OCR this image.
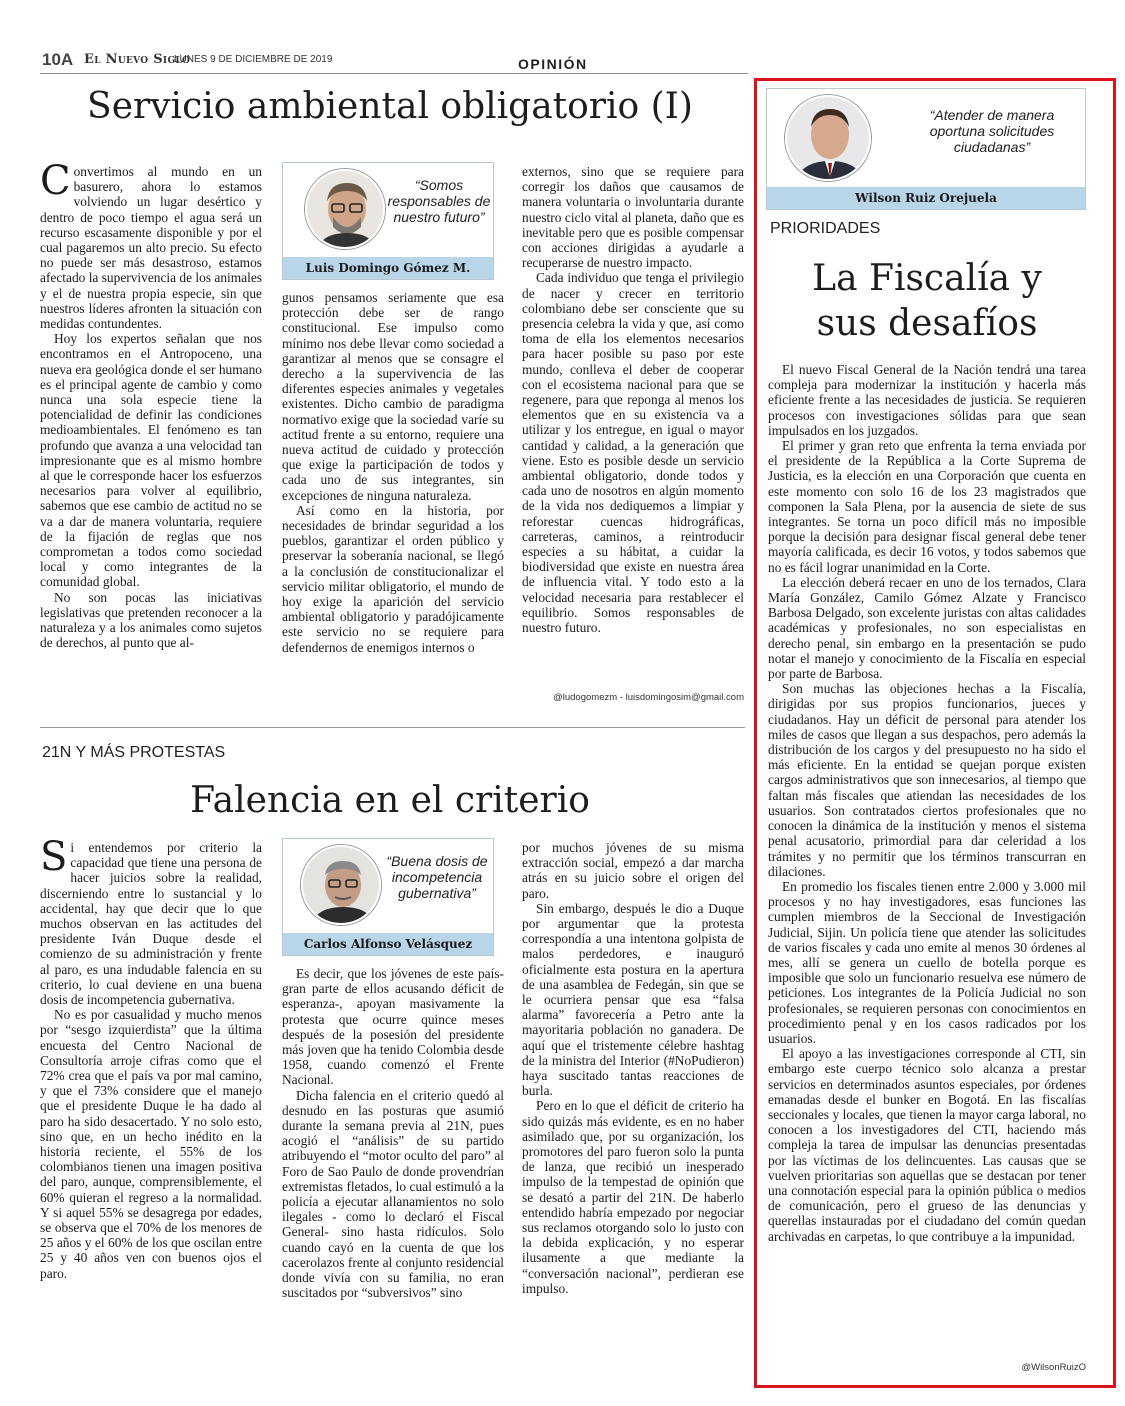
10A El Nuevo Siglo
LUNES 9 DE DICIEMBRE DE 2019	OPINIÓN
Servicio ambiental obligatorio (I)

Convertimos al mundo en un basurero, ahora lo estamos volviendo un lugar desértico y dentro de poco tiempo el agua será un recurso escasamente disponible y por el cual pagaremos un alto precio. Su efecto no puede ser más desastroso, estamos afectado la supervivencia de los animales y el de nuestra propia especie, sin que nuestros líderes afronten la situación con medidas contundentes.

Hoy los expertos señalan que nos encontramos en el Antropoceno, una nueva era geológica donde el ser humano es el principal agente de cambio y como nunca una sola especie tiene la potencialidad de definir las condiciones medioambientales. El fenómeno es tan profundo que avanza a una velocidad tan impresionante que es al mismo hombre al que le corresponde hacer los esfuerzos necesarios para volver al equilibrio, sabemos que ese cambio de actitud no se va a dar de manera voluntaria, requiere de la fijación de reglas que nos comprometan a todos como sociedad local y como integrantes de la comunidad global.

No son pocas las iniciativas legislativas que pretenden reconocer a la naturaleza y a los animales como sujetos de derechos, al punto que al-

“Somos responsables de nuestro futuro”
Luis Domingo Gómez M.

gunos pensamos seriamente que esa protección debe ser de rango constitucional. Ese impulso como mínimo nos debe llevar como sociedad a garantizar al menos que se consagre el derecho a la supervivencia de las diferentes especies animales y vegetales existentes. Dicho cambio de paradigma normativo exige que la sociedad varíe su actitud frente a su entorno, requiere una nueva actitud de cuidado y protección que exige la participación de todos y cada uno de sus integrantes, sin excepciones de ninguna naturaleza.

Así como en la historia, por necesidades de brindar seguridad a los pueblos, garantizar el orden público y preservar la soberanía nacional, se llegó a la conclusión de constitucionalizar el servicio militar obligatorio, el mundo de hoy exige la aparición del servicio ambiental obligatorio y paradójicamente este servicio no se requiere para defendernos de enemigos internos o

externos, sino que se requiere para corregir los daños que causamos de manera voluntaria o involuntaria durante nuestro ciclo vital al planeta, daño que es inevitable pero que es posible compensar con acciones dirigidas a ayudarle a recuperarse de nuestro impacto.

Cada individuo que tenga el privilegio de nacer y crecer en territorio colombiano debe ser consciente que su presencia celebra la vida y que, así como toma de ella los elementos necesarios para hacer posible su paso por este mundo, conlleva el deber de cooperar con el ecosistema nacional para que se regenere, para que reponga al menos los elementos que en su existencia va a utilizar y los entregue, en igual o mayor cantidad y calidad, a la generación que viene. Esto es posible desde un servicio ambiental obligatorio, donde todos y cada uno de nosotros en algún momento de la vida nos dediquemos a limpiar y reforestar cuencas hidrográficas, carreteras, caminos, a reintroducir especies a su hábitat, a cuidar la biodiversidad que existe en nuestra área de influencia vital. Y todo esto a la velocidad necesaria para restablecer el equilibrio. Somos responsables de nuestro futuro.

@ludogomezm - luisdomingosim@gmail.com
21N Y MÁS PROTESTAS
Falencia en el criterio

Si entendemos por criterio la capacidad que tiene una persona de hacer juicios sobre la realidad, discerniendo entre lo sustancial y lo accidental, hay que decir que lo que muchos observan en las actitudes del presidente Iván Duque desde el comienzo de su administración y frente al paro, es una indudable falencia en su criterio, lo cual deviene en una buena dosis de incompetencia gubernativa.

No es por casualidad y mucho menos por “sesgo izquierdista” que la última encuesta del Centro Nacional de Consultoría arroje cifras como que el 72% crea que el país va por mal camino, y que el 73% considere que el manejo que el presidente Duque le ha dado al paro ha sido desacertado. Y no solo esto, sino que, en un hecho inédito en la historia reciente, el 55% de los colombianos tienen una imagen positiva del paro, aunque, comprensiblemente, el 60% quieran el regreso a la normalidad. Y si aquel 55% se desagrega por edades, se observa que el 70% de los menores de 25 años y el 60% de los que oscilan entre 25 y 40 años ven con buenos ojos el paro.

“Buena dosis de incompetencia gubernativa”
Carlos Alfonso Velásquez

Es decir, que los jóvenes de este país- gran parte de ellos acusando déficit de esperanza-, apoyan masivamente la protesta que ocurre quince meses después de la posesión del presidente más joven que ha tenido Colombia desde 1958, cuando comenzó el Frente Nacional.

Dicha falencia en el criterio quedó al desnudo en las posturas que asumió durante la semana previa al 21N, pues acogió el “análisis” de su partido atribuyendo el “motor oculto del paro” al Foro de Sao Paulo de donde provendrían extremistas fletados, lo cual estimuló a la policía a ejecutar allanamientos no solo ilegales - como lo declaró el Fiscal General- sino hasta ridículos. Solo cuando cayó en la cuenta de que los cacerolazos frente al conjunto residencial donde vivía con su familia, no eran suscitados por “subversivos” sino

por muchos jóvenes de su misma extracción social, empezó a dar marcha atrás en su juicio sobre el origen del paro.

Sin embargo, después le dio a Duque por argumentar que la protesta correspondía a una intentona golpista de malos perdedores, e inauguró oficialmente esta postura en la apertura de una asamblea de Fedegán, sin que se le ocurriera pensar que esa “falsa alarma” favorecería a Petro ante la mayoritaria población no ganadera. De aquí que el tristemente célebre hashtag de la ministra del Interior (#NoPudieron) haya suscitado tantas reacciones de burla.

Pero en lo que el déficit de criterio ha sido quizás más evidente, es en no haber asimilado que, por su organización, los promotores del paro fueron solo la punta de lanza, que recibió un inesperado impulso de la tempestad de opinión que se desató a partir del 21N. De haberlo entendido habría empezado por negociar sus reclamos otorgando solo lo justo con la debida explicación, y no esperar ilusamente a que mediante la “conversación nacional”, perdieran ese impulso.

“Atender de manera oportuna solicitudes ciudadanas”
Wilson Ruiz Orejuela
PRIORIDADES
La Fiscalía y
sus desafíos

El nuevo Fiscal General de la Nación tendrá una tarea compleja para modernizar la institución y hacerla más eficiente frente a las necesidades de justicia. Se requieren procesos con investigaciones sólidas para que sean impulsados en los juzgados.

El primer y gran reto que enfrenta la terna enviada por el presidente de la República a la Corte Suprema de Justicia, es la elección en una Corporación que cuenta en este momento con solo 16 de los 23 magistrados que componen la Sala Plena, por la ausencia de siete de sus integrantes. Se torna un poco difícil más no imposible porque la decisión para designar fiscal general debe tener mayoría calificada, es decir 16 votos, y todos sabemos que no es fácil lograr unanimidad en la Corte.

La elección deberá recaer en uno de los ternados, Clara María González, Camilo Gómez Alzate y Francisco Barbosa Delgado, son excelente juristas con altas calidades académicas y profesionales, no son especialistas en derecho penal, sin embargo en la presentación se pudo notar el manejo y conocimiento de la Fiscalía en especial por parte de Barbosa.

Son muchas las objeciones hechas a la Fiscalía, dirigidas por sus propios funcionarios, jueces y ciudadanos. Hay un déficit de personal para atender los miles de casos que llegan a sus despachos, pero además la distribución de los cargos y del presupuesto no ha sido el más eficiente. En la entidad se quejan porque existen cargos administrativos que son innecesarios, al tiempo que faltan más fiscales que atiendan las necesidades de los usuarios. Son contratados ciertos profesionales que no conocen la dinámica de la institución y menos el sistema penal acusatorio, primordial para dar celeridad a los trámites y no permitir que los términos transcurran en dilaciones.

En promedio los fiscales tienen entre 2.000 y 3.000 mil procesos y no hay investigadores, esas funciones las cumplen miembros de la Seccional de Investigación Judicial, Sijin. Un policía tiene que atender las solicitudes de varios fiscales y cada uno emite al menos 30 órdenes al mes, allí se genera un cuello de botella porque es imposible que solo un funcionario resuelva ese número de peticiones. Los integrantes de la Policía Judicial no son profesionales, se requieren personas con conocimientos en procedimiento penal y en los casos radicados por los usuarios.

El apoyo a las investigaciones corresponde al CTI, sin embargo este cuerpo técnico solo alcanza a prestar servicios en determinados asuntos especiales, por órdenes emanadas desde el bunker en Bogotá. En las fiscalías seccionales y locales, que tienen la mayor carga laboral, no conocen a los investigadores del CTI, haciendo más compleja la tarea de impulsar las denuncias presentadas por las víctimas de los delincuentes. Las causas que se vuelven prioritarias son aquellas que se destacan por tener una connotación especial para la opinión pública o medios de comunicación, pero el grueso de las denuncias y querellas instauradas por el ciudadano del común quedan archivadas en carpetas, lo que contribuye a la impunidad.

@WilsonRuizO
